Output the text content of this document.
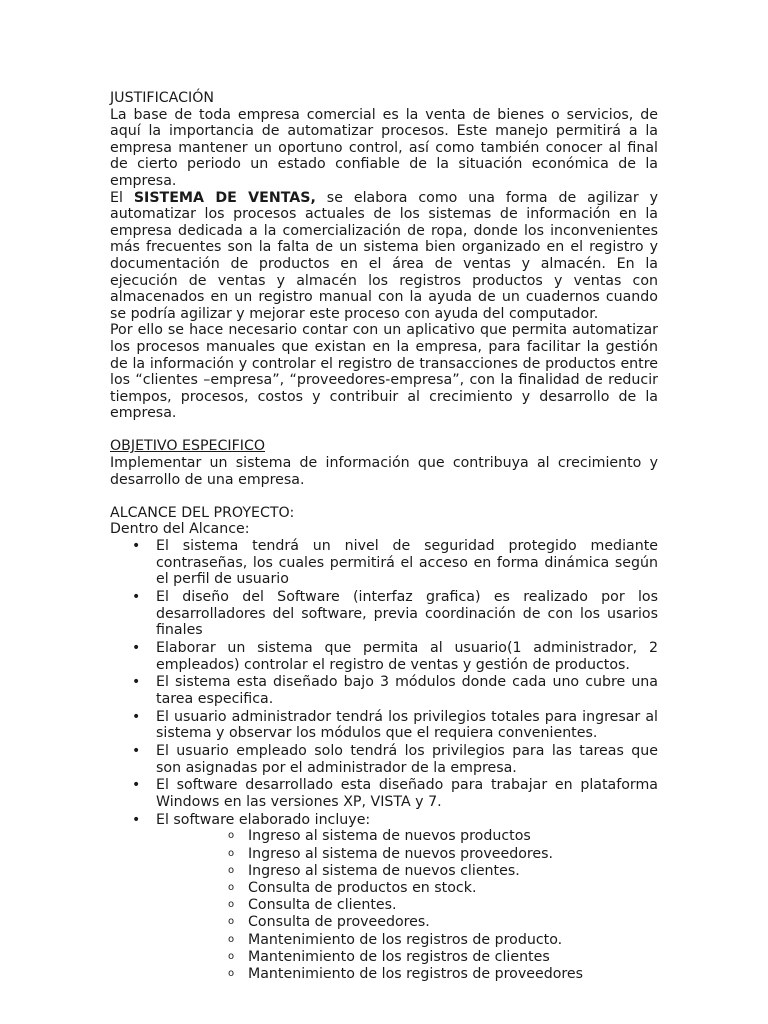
JUSTIFICACIÓN

La base de toda empresa comercial es la venta de bienes o servicios, de aquí la importancia de automatizar procesos. Este manejo permitirá a la empresa mantener un oportuno control, así como también conocer al final de cierto periodo un estado confiable de la situación económica de la empresa.

El SISTEMA DE VENTAS, se elabora como una forma de agilizar y automatizar los procesos actuales de los sistemas de información en la empresa dedicada a la comercialización de ropa, donde los inconvenientes más frecuentes son la falta de un sistema bien organizado en el registro y documentación de productos en el área de ventas y almacén. En la ejecución de ventas y almacén los registros productos y ventas con almacenados en un registro manual con la ayuda de un cuadernos cuando se podría agilizar y mejorar este proceso con ayuda del computador.

Por ello se hace necesario contar con un aplicativo que permita automatizar los procesos manuales que existan en la empresa, para facilitar la gestión de la información y controlar el registro de transacciones de productos entre los “clientes –empresa”, “proveedores-empresa”, con la finalidad de reducir tiempos, procesos, costos y contribuir al crecimiento y desarrollo de la empresa.

OBJETIVO ESPECIFICO

Implementar un sistema de información que contribuya al crecimiento y desarrollo de una empresa.

ALCANCE DEL PROYECTO:

Dentro del Alcance:

• El sistema tendrá un nivel de seguridad protegido mediante contraseñas, los cuales permitirá el acceso en forma dinámica según el perfil de usuario
• El diseño del Software (interfaz grafica) es realizado por los desarrolladores del software, previa coordinación de con los usarios finales
• Elaborar un sistema que permita al usuario(1 administrador, 2 empleados) controlar el registro de ventas y gestión de productos.
• El sistema esta diseñado bajo 3 módulos donde cada uno cubre una tarea especifica.
• El usuario administrador tendrá los privilegios totales para ingresar al sistema y observar los módulos que el requiera convenientes.
• El usuario empleado solo tendrá los privilegios para las tareas que son asignadas por el administrador de la empresa.
• El software desarrollado esta diseñado para trabajar en plataforma Windows en las versiones XP, VISTA y 7.
• El software elaborado incluye:
o Ingreso al sistema de nuevos productos
o Ingreso al sistema de nuevos proveedores.
o Ingreso al sistema de nuevos clientes.
o Consulta de productos en stock.
o Consulta de clientes.
o Consulta de proveedores.
o Mantenimiento de los registros de producto.
o Mantenimiento de los registros de clientes
o Mantenimiento de los registros de proveedores
